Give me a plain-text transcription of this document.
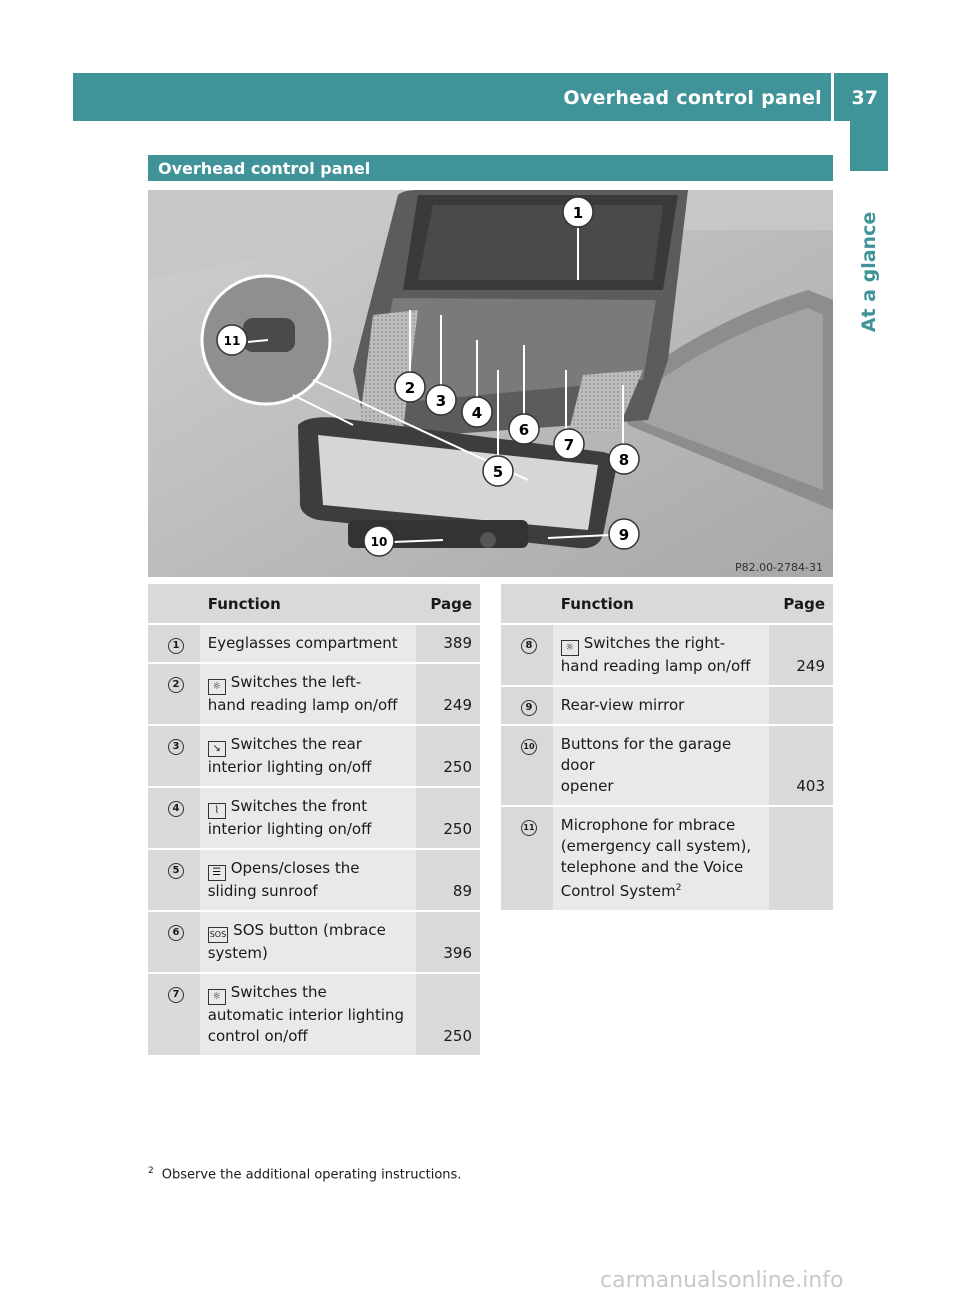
Overhead control panel 37
At a glance
Overhead control panel
1
2
3
4
5
6
7
8
9
10
11
P82.00-2784-31
	Function	Page
1	Eyeglasses compartment	389
2	☼ Switches the left-
hand reading lamp on/off	249
3	↘ Switches the rear
interior lighting on/off	250
4	⌇ Switches the front
interior lighting on/off	250
5	☰ Opens/closes the
sliding sunroof	89
6	SOS SOS button (mbrace
system)	396
7	☼ Switches the
automatic interior lighting
control on/off	250
	Function	Page
8	☼ Switches the right-
hand reading lamp on/off	249
9	Rear-view mirror	
10	Buttons for the garage door
opener	403
11	Microphone for mbrace
(emergency call system),
telephone and the Voice
Control System$^2$	
$^2$ Observe the additional operating instructions.
carmanualsonline.info
